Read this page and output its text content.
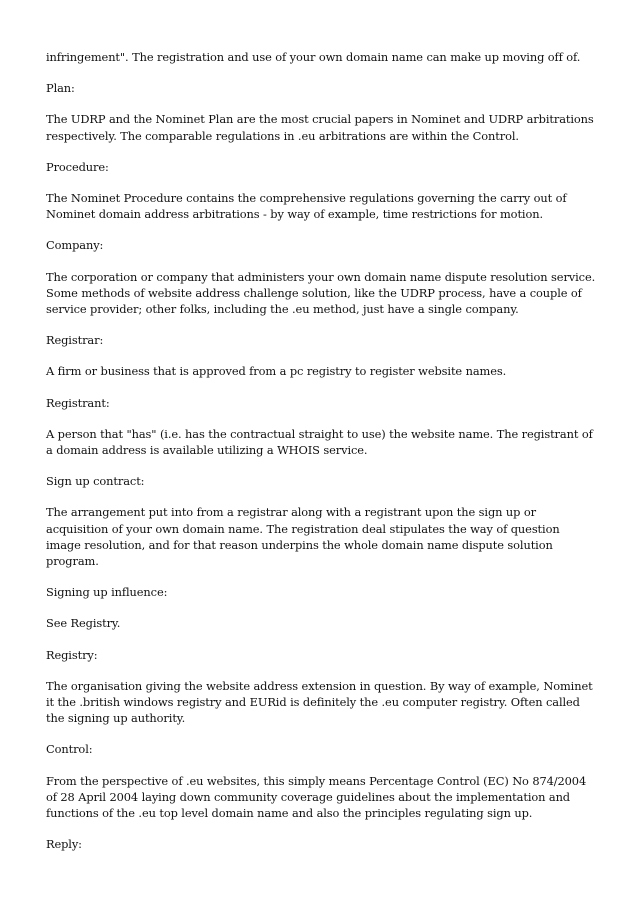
infringement". The registration and use of your own domain name can make up moving off of.

Plan:

The UDRP and the Nominet Plan are the most crucial papers in Nominet and UDRP arbitrations respectively. The comparable regulations in .eu arbitrations are within the Control.

Procedure:

The Nominet Procedure contains the comprehensive regulations governing the carry out of Nominet domain address arbitrations - by way of example, time restrictions for motion.

Company:

The corporation or company that administers your own domain name dispute resolution service. Some methods of website address challenge solution, like the UDRP process, have a couple of service provider; other folks, including the .eu method, just have a single company.

Registrar:

A firm or business that is approved from a pc registry to register website names.

Registrant:

A person that "has" (i.e. has the contractual straight to use) the website name. The registrant of a domain address is available utilizing a WHOIS service.

Sign up contract:

The arrangement put into from a registrar along with a registrant upon the sign up or acquisition of your own domain name. The registration deal stipulates the way of question image resolution, and for that reason underpins the whole domain name dispute solution program.

Signing up influence:

See Registry.

Registry:

The organisation giving the website address extension in question. By way of example, Nominet it the .british windows registry and EURid is definitely the .eu computer registry. Often called the signing up authority.

Control:

From the perspective of .eu websites, this simply means Percentage Control (EC) No 874/2004 of 28 April 2004 laying down community coverage guidelines about the implementation and functions of the .eu top level domain name and also the principles regulating sign up.

Reply:
